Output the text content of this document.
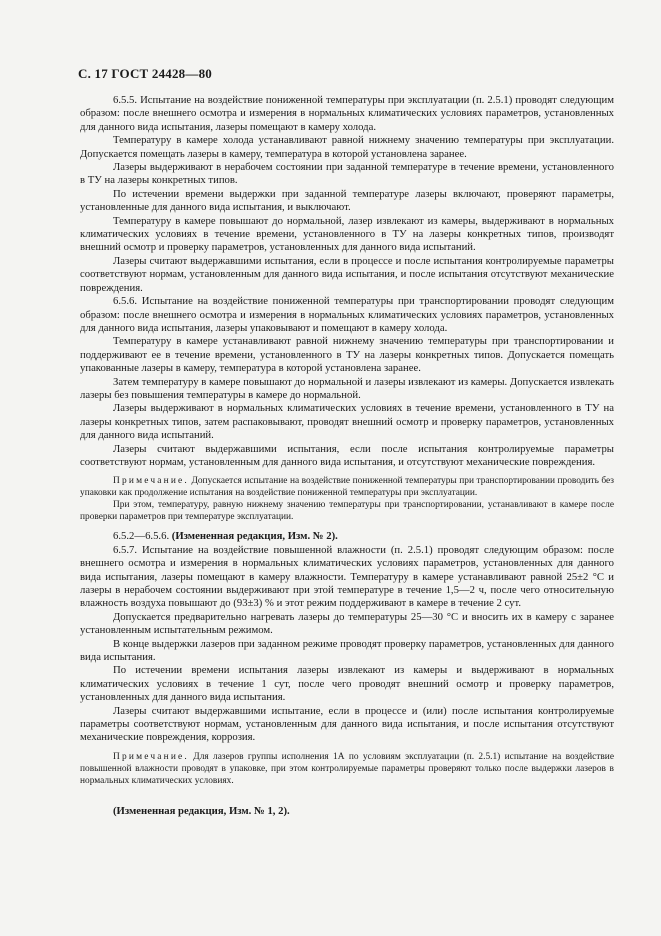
С. 17 ГОСТ 24428—80

6.5.5. Испытание на воздействие пониженной температуры при эксплуатации (п. 2.5.1) проводят следующим образом: после внешнего осмотра и измерения в нормальных климатических условиях параметров, установленных для данного вида испытания, лазеры помещают в камеру холода.

Температуру в камере холода устанавливают равной нижнему значению температуры при эксплуатации. Допускается помещать лазеры в камеру, температура в которой установлена заранее.

Лазеры выдерживают в нерабочем состоянии при заданной температуре в течение времени, установленного в ТУ на лазеры конкретных типов.

По истечении времени выдержки при заданной температуре лазеры включают, проверяют параметры, установленные для данного вида испытания, и выключают.

Температуру в камере повышают до нормальной, лазер извлекают из камеры, выдерживают в нормальных климатических условиях в течение времени, установленного в ТУ на лазеры конкретных типов, производят внешний осмотр и проверку параметров, установленных для данного вида испытаний.

Лазеры считают выдержавшими испытания, если в процессе и после испытания контролируемые параметры соответствуют нормам, установленным для данного вида испытания, и после испытания отсутствуют механические повреждения.

6.5.6. Испытание на воздействие пониженной температуры при транспортировании проводят следующим образом: после внешнего осмотра и измерения в нормальных климатических условиях параметров, установленных для данного вида испытания, лазеры упаковывают и помещают в камеру холода.

Температуру в камере устанавливают равной нижнему значению температуры при транспортировании и поддерживают ее в течение времени, установленного в ТУ на лазеры конкретных типов. Допускается помещать упакованные лазеры в камеру, температура в которой установлена заранее.

Затем температуру в камере повышают до нормальной и лазеры извлекают из камеры. Допускается извлекать лазеры без повышения температуры в камере до нормальной.

Лазеры выдерживают в нормальных климатических условиях в течение времени, установленного в ТУ на лазеры конкретных типов, затем распаковывают, проводят внешний осмотр и проверку параметров, установленных для данного вида испытаний.

Лазеры считают выдержавшими испытания, если после испытания контролируемые параметры соответствуют нормам, установленным для данного вида испытания, и отсутствуют механические повреждения.

Примечание. Допускается испытание на воздействие пониженной температуры при транспортировании проводить без упаковки как продолжение испытания на воздействие пониженной температуры при эксплуатации.

При этом, температуру, равную нижнему значению температуры при транспортировании, устанавливают в камере после проверки параметров при температуре эксплуатации.

6.5.2—6.5.6. (Измененная редакция, Изм. № 2).

6.5.7. Испытание на воздействие повышенной влажности (п. 2.5.1) проводят следующим образом: после внешнего осмотра и измерения в нормальных климатических условиях параметров, установленных для данного вида испытания, лазеры помещают в камеру влажности. Температуру в камере устанавливают равной 25±2 °С и лазеры в нерабочем состоянии выдерживают при этой температуре в течение 1,5—2 ч, после чего относительную влажность воздуха повышают до (93±3) % и этот режим поддерживают в камере в течение 2 сут.

Допускается предварительно нагревать лазеры до температуры 25—30 °С и вносить их в камеру с заранее установленным испытательным режимом.

В конце выдержки лазеров при заданном режиме проводят проверку параметров, установленных для данного вида испытания.

По истечении времени испытания лазеры извлекают из камеры и выдерживают в нормальных климатических условиях в течение 1 сут, после чего проводят внешний осмотр и проверку параметров, установленных для данного вида испытания.

Лазеры считают выдержавшими испытание, если в процессе и (или) после испытания контролируемые параметры соответствуют нормам, установленным для данного вида испытания, и после испытания отсутствуют механические повреждения, коррозия.

Примечание. Для лазеров группы исполнения 1А по условиям эксплуатации (п. 2.5.1) испытание на воздействие повышенной влажности проводят в упаковке, при этом контролируемые параметры проверяют только после выдержки лазеров в нормальных климатических условиях.

(Измененная редакция, Изм. № 1, 2).
